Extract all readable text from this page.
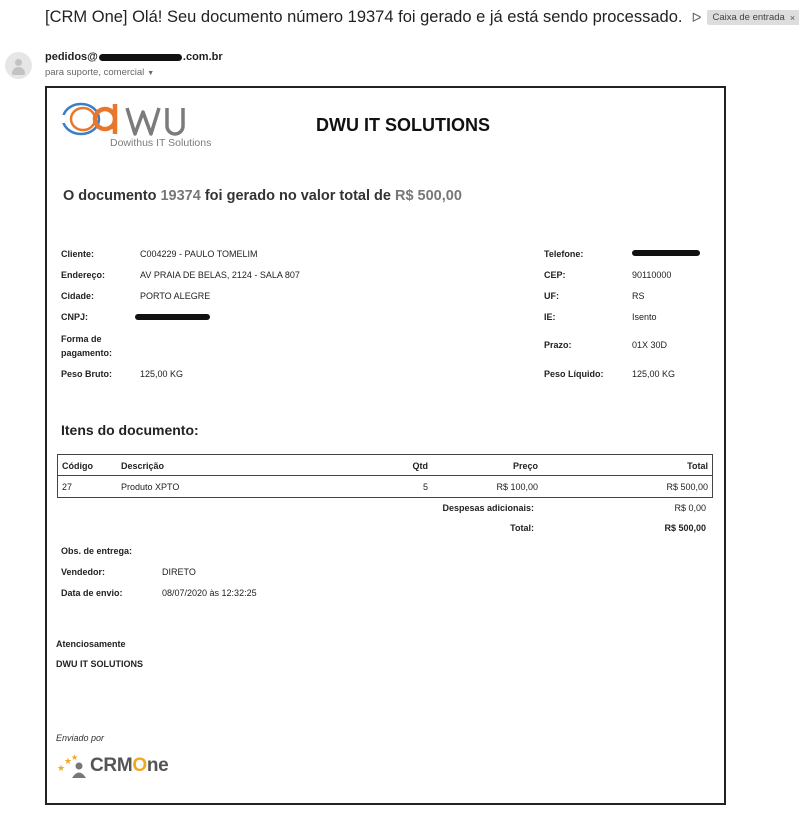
[CRM One] Olá! Seu documento número 19374 foi gerado e já está sendo processado. ᐅ Caixa de entrada ×
pedidos@	.com.br
para suporte, comercial ▼
Dowithus IT Solutions
DWU IT SOLUTIONS
O documento 19374 foi gerado no valor total de R$ 500,00
Cliente:	C004229 - PAULO TOMELIM
Endereço:	AV PRAIA DE BELAS, 2124 - SALA 807
Cidade:	PORTO ALEGRE
CNPJ:
Forma de
pagamento:
Peso Bruto:	125,00 KG
Telefone:
CEP:	90110000
UF:	RS
IE:	Isento
Prazo:	01X 30D
Peso Líquido:	125,00 KG
Itens do documento:
Código	Descrição	Qtd	Preço	Total
27	Produto XPTO	5	R$ 100,00	R$ 500,00
Despesas adicionais:	R$ 0,00
Total:	R$ 500,00
Obs. de entrega:
Vendedor:	DIRETO
Data de envio:	08/07/2020 às 12:32:25
Atenciosamente
DWU IT SOLUTIONS
Enviado por
★
★
★ CRMOne
